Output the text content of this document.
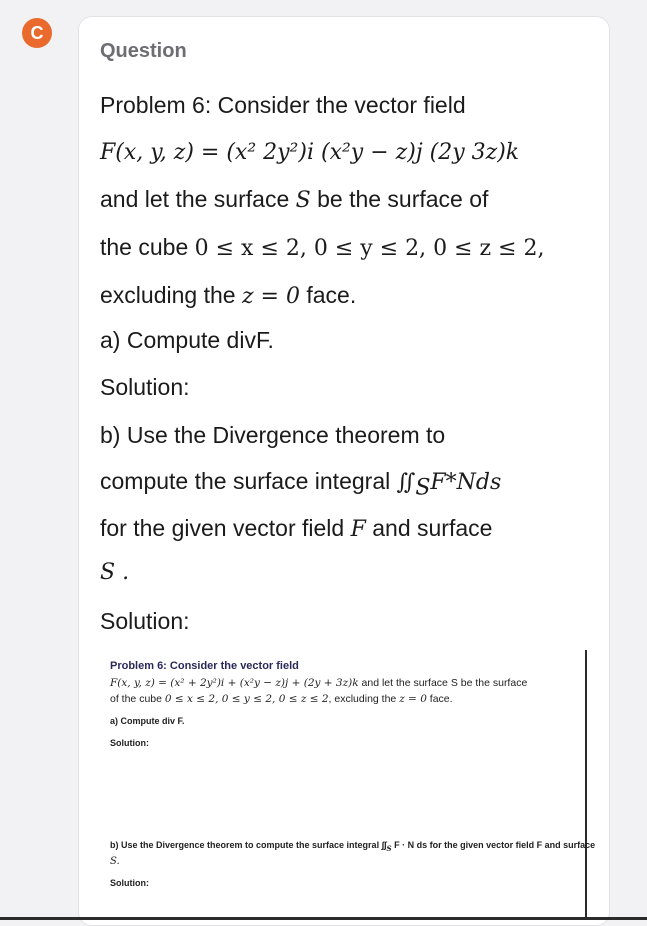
C
Question
Problem 6: Consider the vector field
F(x, y, z) = (x² 2y²)i (x²y − z)j (2y 3z)k
and let the surface S be the surface of
the cube 0 ≤ x ≤ 2, 0 ≤ y ≤ 2, 0 ≤ z ≤ 2,
excluding the z = 0 face.
a) Compute divF.
Solution:
b) Use the Divergence theorem to
compute the surface integral $∬_SF*Nds$
for the given vector field F and surface
S .
Solution:
Problem 6: Consider the vector field
F(x, y, z) = (x² + 2y²)i + (x²y − z)j + (2y + 3z)k and let the surface S be the surface
of the cube 0 ≤ x ≤ 2, 0 ≤ y ≤ 2, 0 ≤ z ≤ 2, excluding the z = 0 face.
a) Compute div F.
Solution:
b) Use the Divergence theorem to compute the surface integral $\int\int_S$ F · N ds for the given vector field F and surface
S.
Solution:
